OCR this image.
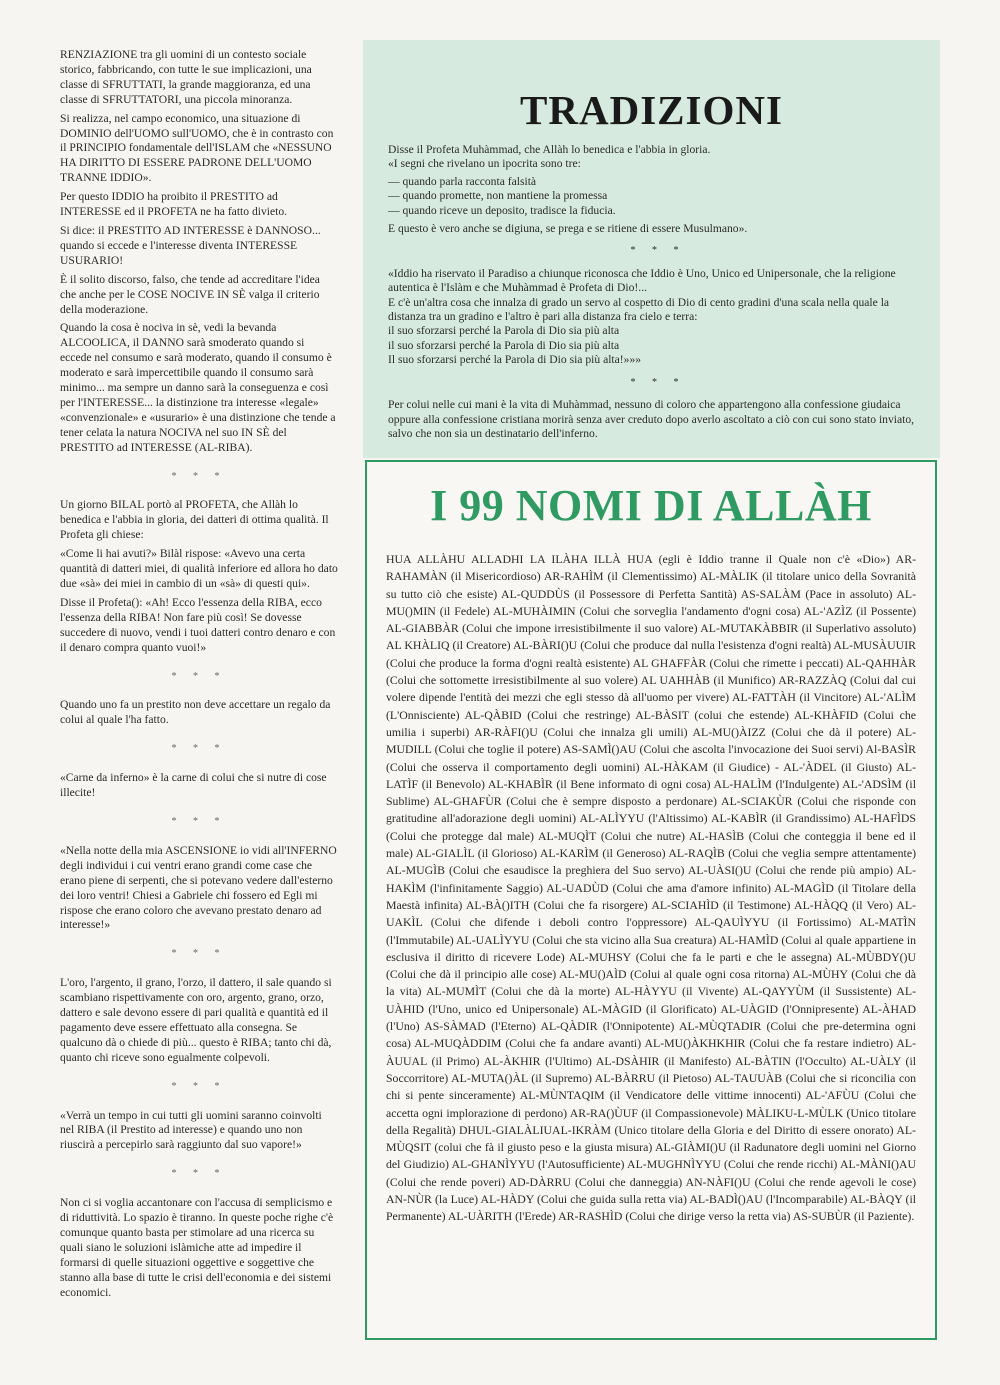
RENZIAZIONE tra gli uomini di un contesto sociale storico, fabbricando, con tutte le sue implicazioni, una classe di SFRUTTATI, la grande maggioranza, ed una classe di SFRUTTATORI, una piccola minoranza.

Si realizza, nel campo economico, una situazione di DOMINIO dell'UOMO sull'UOMO, che è in contrasto con il PRINCIPIO fondamentale dell'ISLAM che «NESSUNO HA DIRITTO DI ESSERE PADRONE DELL'UOMO TRANNE IDDIO».

Per questo IDDIO ha proibito il PRESTITO ad INTERESSE ed il PROFETA ne ha fatto divieto.

Si dice: il PRESTITO AD INTERESSE è DANNOSO... quando si eccede e l'interesse diventa INTERESSE USURARIO!

È il solito discorso, falso, che tende ad accreditare l'idea che anche per le COSE NOCIVE IN SÈ valga il criterio della moderazione.

Quando la cosa è nociva in sè, vedi la bevanda ALCOOLICA, il DANNO sarà smoderato quando si eccede nel consumo e sarà moderato, quando il consumo è moderato e sarà impercettibile quando il consumo sarà minimo... ma sempre un danno sarà la conseguenza e così per l'INTERESSE... la distinzione tra interesse «legale» «convenzionale» e «usurario» è una distinzione che tende a tener celata la natura NOCIVA nel suo IN SÈ del PRESTITO ad INTERESSE (AL-RIBA).

* * *

Un giorno BILAL portò al PROFETA, che Allàh lo benedica e l'abbia in gloria, dei datteri di ottima qualità. Il Profeta gli chiese:

«Come li hai avuti?» Bilàl rispose: «Avevo una certa quantità di datteri miei, di qualità inferiore ed allora ho dato due «sà» dei miei in cambio di un «sà» di questi qui».

Disse il Profeta(): «Ah! Ecco l'essenza della RIBA, ecco l'essenza della RIBA! Non fare più così! Se dovesse succedere di nuovo, vendi i tuoi datteri contro denaro e con il denaro compra quanto vuoi!»

* * *

Quando uno fa un prestito non deve accettare un regalo da colui al quale l'ha fatto.

* * *

«Carne da inferno» è la carne di colui che si nutre di cose illecite!

* * *

«Nella notte della mia ASCENSIONE io vidi all'INFERNO degli individui i cui ventri erano grandi come case che erano piene di serpenti, che si potevano vedere dall'esterno dei loro ventri! Chiesi a Gabriele chi fossero ed Egli mi rispose che erano coloro che avevano prestato denaro ad interesse!»

* * *

L'oro, l'argento, il grano, l'orzo, il dattero, il sale quando si scambiano rispettivamente con oro, argento, grano, orzo, dattero e sale devono essere di pari qualità e quantità ed il pagamento deve essere effettuato alla consegna. Se qualcuno dà o chiede di più... questo è RIBA; tanto chi dà, quanto chi riceve sono egualmente colpevoli.

* * *

«Verrà un tempo in cui tutti gli uomini saranno coinvolti nel RIBA (il Prestito ad interesse) e quando uno non riuscirà a percepirlo sarà raggiunto dal suo vapore!»

* * *

Non ci si voglia accantonare con l'accusa di semplicismo e di riduttività. Lo spazio è tiranno. In queste poche righe c'è comunque quanto basta per stimolare ad una ricerca su quali siano le soluzioni islàmiche atte ad impedire il formarsi di quelle situazioni oggettive e soggettive che stanno alla base di tutte le crisi dell'economia e dei sistemi economici.

TRADIZIONI

Disse il Profeta Muhàmmad, che Allàh lo benedica e l'abbia in gloria.
«I segni che rivelano un ipocrita sono tre:

— quando parla racconta falsità
— quando promette, non mantiene la promessa
— quando riceve un deposito, tradisce la fiducia.

E questo è vero anche se digiuna, se prega e se ritiene di essere Musulmano».

* * *

«Iddio ha riservato il Paradiso a chiunque riconosca che Iddio è Uno, Unico ed Unipersonale, che la religione autentica è l'Islàm e che Muhàmmad è Profeta di Dio!...
E c'è un'altra cosa che innalza di grado un servo al cospetto di Dio di cento gradini d'una scala nella quale la distanza tra un gradino e l'altro è pari alla distanza fra cielo e terra:
il suo sforzarsi perché la Parola di Dio sia più alta
il suo sforzarsi perché la Parola di Dio sia più alta
Il suo sforzarsi perché la Parola di Dio sia più alta!»»»

* * *

Per colui nelle cui mani è la vita di Muhàmmad, nessuno di coloro che appartengono alla confessione giudaica oppure alla confessione cristiana morirà senza aver creduto dopo averlo ascoltato a ciò con cui sono stato inviato, salvo che non sia un destinatario dell'inferno.

I 99 NOMI DI ALLÀH

HUA ALLÀHU ALLADHI LA ILÀHA ILLÀ HUA (egli è Iddio tranne il Quale non c'è «Dio») AR-RAHAMÀN (il Misericordioso) AR-RAHÌM (il Clementissimo) AL-MÀLIK (il titolare unico della Sovranità su tutto ciò che esiste) AL-QUDDÙS (il Possessore di Perfetta Santità) AS-SALÀM (Pace in assoluto) AL-MU()MIN (il Fedele) AL-MUHÀIMIN (Colui che sorveglia l'andamento d'ogni cosa) AL-'AZÌZ (il Possente) AL-GIABBÀR (Colui che impone irresistibilmente il suo valore) AL-MUTAKÀBBIR (il Superlativo assoluto) AL KHÀLIQ (il Creatore) AL-BÀRI()U (Colui che produce dal nulla l'esistenza d'ogni realtà) AL-MUSÀUUIR (Colui che produce la forma d'ogni realtà esistente) AL GHAFFÀR (Colui che rimette i peccati) AL-QAHHÀR (Colui che sottomette irresistibilmente al suo volere) AL UAHHÀB (il Munifico) AR-RAZZÀQ (Colui dal cui volere dipende l'entità dei mezzi che egli stesso dà all'uomo per vivere) AL-FATTÀH (il Vincitore) AL-'ALÌM (L'Onnisciente) AL-QÀBID (Colui che restringe) AL-BÀSIT (colui che estende) AL-KHÀFID (Colui che umilia i superbi) AR-RÀFI()U (Colui che innalza gli umili) AL-MU()ÀIZZ (Colui che dà il potere) AL-MUDILL (Colui che toglie il potere) AS-SAMÌ()AU (Colui che ascolta l'invocazione dei Suoi servi) Al-BASÌR (Colui che osserva il comportamento degli uomini) AL-HÀKAM (il Giudice) - AL-'ÀDEL (il Giusto) AL-LATÌF (il Benevolo) AL-KHABÌR (il Bene informato di ogni cosa) AL-HALÌM (l'Indulgente) AL-'ADSÌM (il Sublime) AL-GHAFÙR (Colui che è sempre disposto a perdonare) AL-SCIAKÙR (Colui che risponde con gratitudine all'adorazione degli uomini) AL-ALÌYYU (l'Altissimo) AL-KABÌR (il Grandissimo) AL-HAFÌDS (Colui che protegge dal male) AL-MUQÌT (Colui che nutre) AL-HASÌB (Colui che conteggia il bene ed il male) AL-GIALÌL (il Glorioso) AL-KARÌM (il Generoso) AL-RAQÌB (Colui che veglia sempre attentamente) AL-MUGÌB (Colui che esaudisce la preghiera del Suo servo) AL-UÀSI()U (Colui che rende più ampio) AL-HAKÌM (l'infinitamente Saggio) AL-UADÙD (Colui che ama d'amore infinito) AL-MAGÌD (il Titolare della Maestà infinita) AL-BÀ()ITH (Colui che fa risorgere) AL-SCIAHÌD (il Testimone) AL-HÀQQ (il Vero) AL-UAKÌL (Colui che difende i deboli contro l'oppressore) AL-QAUÌYYU (il Fortissimo) AL-MATÌN (l'Immutabile) AL-UALÌYYU (Colui che sta vicino alla Sua creatura) AL-HAMÌD (Colui al quale appartiene in esclusiva il diritto di ricevere Lode) AL-MUHSY (Colui che fa le parti e che le assegna) AL-MÙBDY()U (Colui che dà il principio alle cose) AL-MU()AÌD (Colui al quale ogni cosa ritorna) AL-MÙHY (Colui che dà la vita) AL-MUMÌT (Colui che dà la morte) AL-HÀYYU (il Vivente) AL-QAYYÙM (il Sussistente) AL-UÀHID (l'Uno, unico ed Unipersonale) AL-MÀGID (il Glorificato) AL-UÀGID (l'Onnipresente) AL-ÀHAD (l'Uno) AS-SÀMAD (l'Eterno) AL-QÀDIR (l'Onnipotente) AL-MÙQTADIR (Colui che pre-determina ogni cosa) AL-MUQÀDDIM (Colui che fa andare avanti) AL-MU()ÀKHKHIR (Colui che fa restare indietro) AL-ÀUUAL (il Primo) AL-ÀKHIR (l'Ultimo) AL-DSÀHIR (il Manifesto) AL-BÀTIN (l'Occulto) AL-UÀLY (il Soccorritore) AL-MUTA()ÀL (il Supremo) AL-BÀRRU (il Pietoso) AL-TAUUÀB (Colui che si riconcilia con chi si pente sinceramente) AL-MÙNTAQIM (il Vendicatore delle vittime innocenti) AL-'AFÙU (Colui che accetta ogni implorazione di perdono) AR-RA()ÙUF (il Compassionevole) MÀLIKU-L-MÙLK (Unico titolare della Regalità) DHUL-GIALÀLIUAL-IKRÀM (Unico titolare della Gloria e del Diritto di essere onorato) AL-MÙQSIT (colui che fà il giusto peso e la giusta misura) AL-GIÀMI()U (il Radunatore degli uomini nel Giorno del Giudizio) AL-GHANÌYYU (l'Autosufficiente) AL-MUGHNÌYYU (Colui che rende ricchi) AL-MÀNI()AU (Colui che rende poveri) AD-DÀRRU (Colui che danneggia) AN-NÀFI()U (Colui che rende agevoli le cose) AN-NÙR (la Luce) AL-HÀDY (Colui che guida sulla retta via) AL-BADÌ()AU (l'Incomparabile) AL-BÀQY (il Permanente) AL-UÀRITH (l'Erede) AR-RASHÌD (Colui che dirige verso la retta via) AS-SUBÙR (il Paziente).
